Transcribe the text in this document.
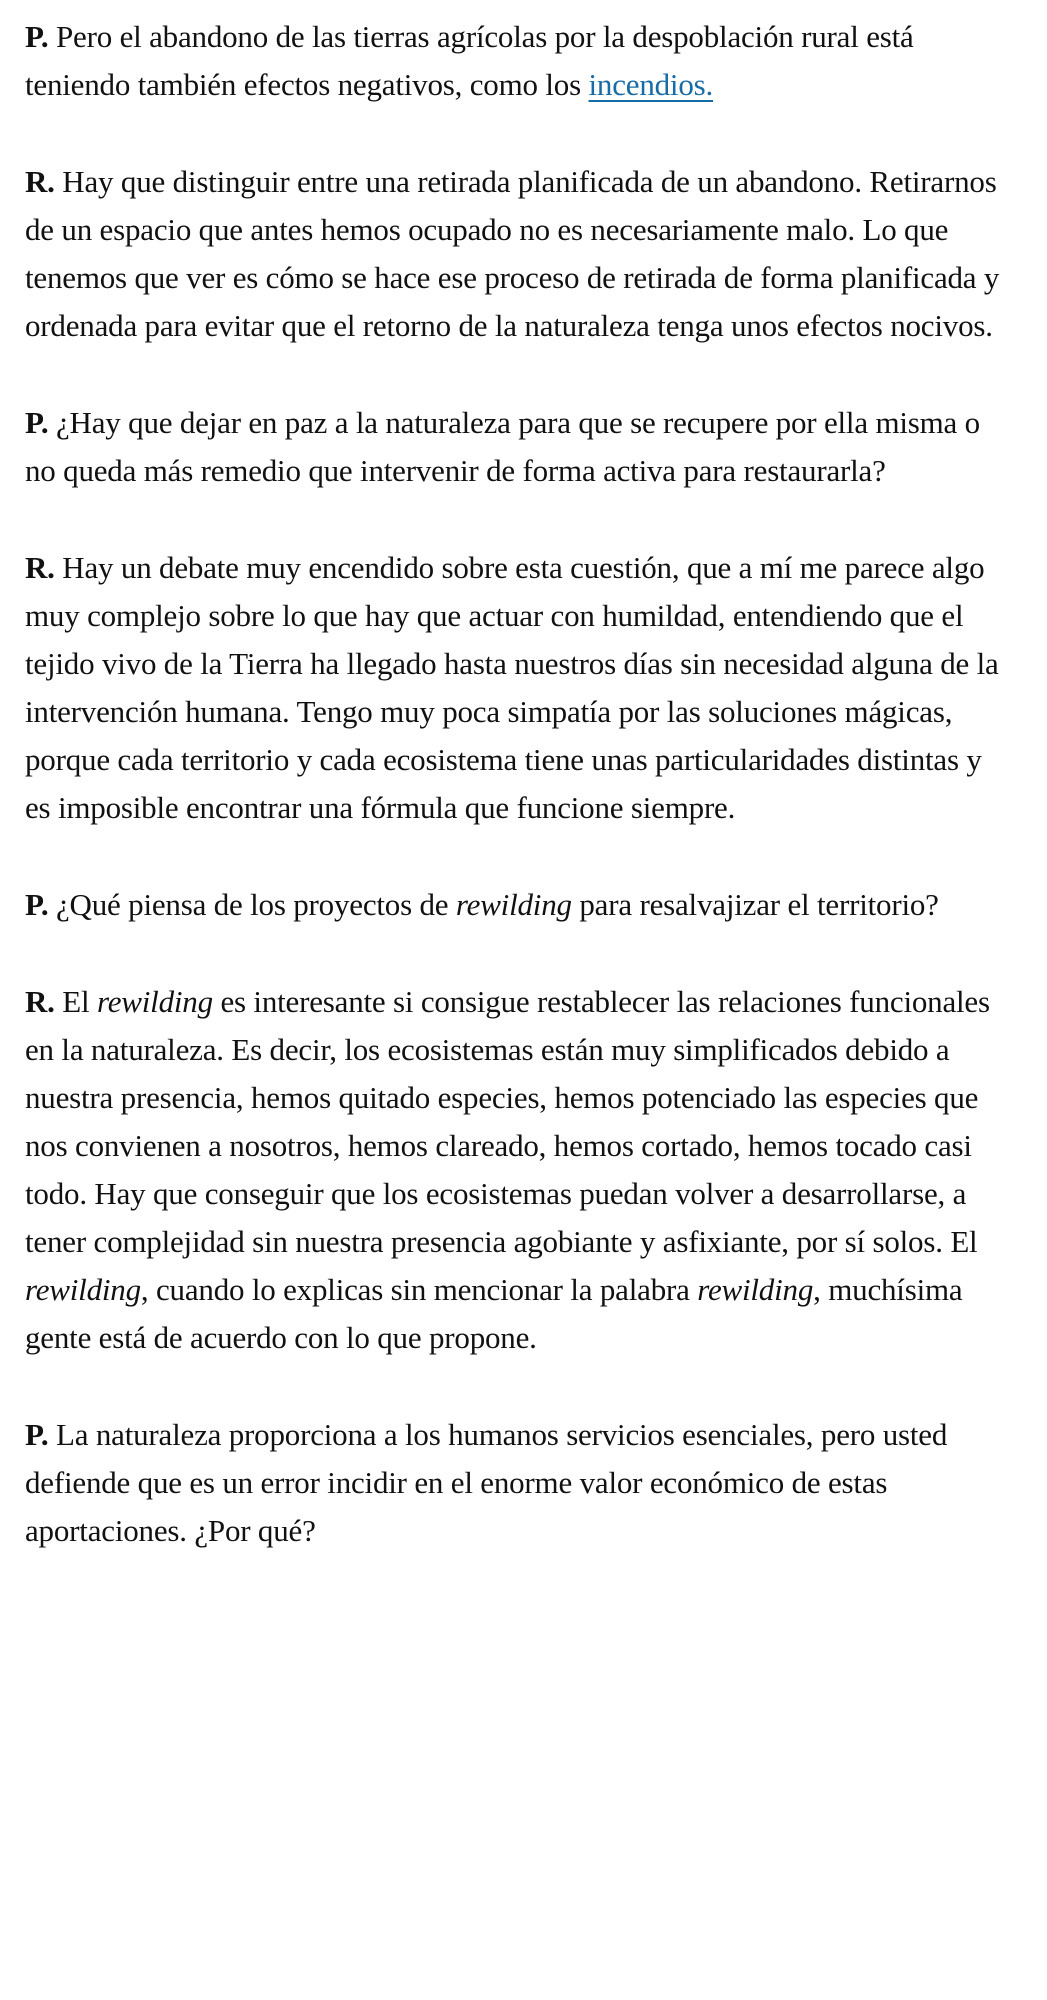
P. Pero el abandono de las tierras agrícolas por la despoblación rural está teniendo también efectos negativos, como los incendios.

R. Hay que distinguir entre una retirada planificada de un abandono. Retirarnos de un espacio que antes hemos ocupado no es necesariamente malo. Lo que tenemos que ver es cómo se hace ese proceso de retirada de forma planificada y ordenada para evitar que el retorno de la naturaleza tenga unos efectos nocivos.

P. ¿Hay que dejar en paz a la naturaleza para que se recupere por ella misma o no queda más remedio que intervenir de forma activa para restaurarla?

R. Hay un debate muy encendido sobre esta cuestión, que a mí me parece algo muy complejo sobre lo que hay que actuar con humildad, entendiendo que el tejido vivo de la Tierra ha llegado hasta nuestros días sin necesidad alguna de la intervención humana. Tengo muy poca simpatía por las soluciones mágicas, porque cada territorio y cada ecosistema tiene unas particularidades distintas y es imposible encontrar una fórmula que funcione siempre.

P. ¿Qué piensa de los proyectos de rewilding para resalvajizar el territorio?

R. El rewilding es interesante si consigue restablecer las relaciones funcionales en la naturaleza. Es decir, los ecosistemas están muy simplificados debido a nuestra presencia, hemos quitado especies, hemos potenciado las especies que nos convienen a nosotros, hemos clareado, hemos cortado, hemos tocado casi todo. Hay que conseguir que los ecosistemas puedan volver a desarrollarse, a tener complejidad sin nuestra presencia agobiante y asfixiante, por sí solos. El rewilding, cuando lo explicas sin mencionar la palabra rewilding, muchísima gente está de acuerdo con lo que propone.

P. La naturaleza proporciona a los humanos servicios esenciales, pero usted defiende que es un error incidir en el enorme valor económico de estas aportaciones. ¿Por qué?
